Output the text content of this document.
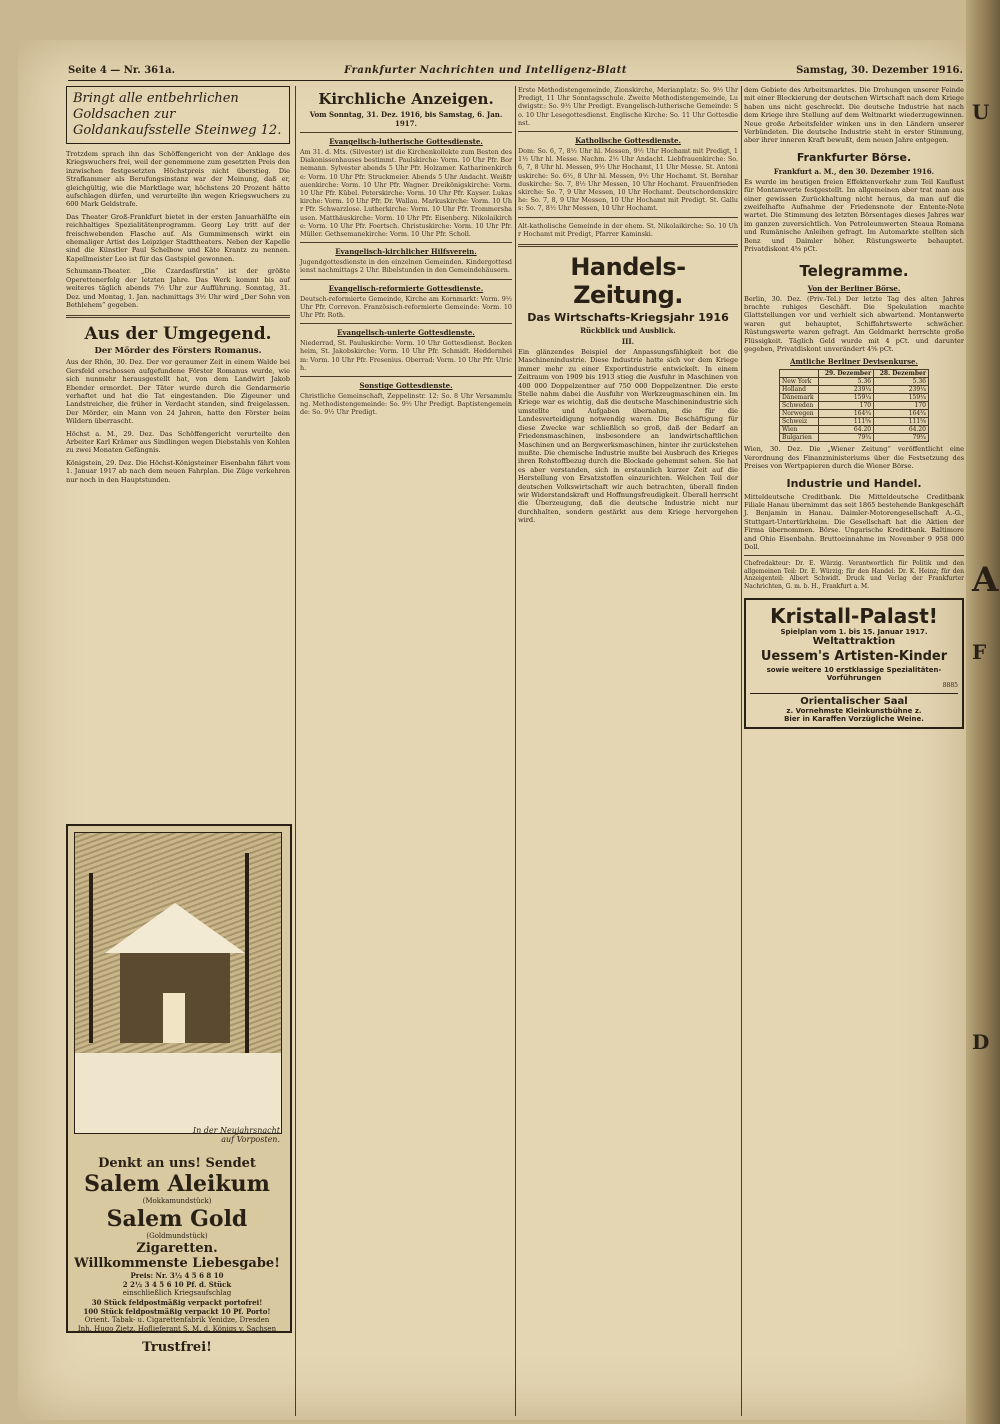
Seite 4 — Nr. 361a.	Frankfurter Nachrichten und Intelligenz-Blatt	Samstag, 30. Dezember 1916.
Bringt alle entbehrlichen Goldsachen zur Goldankaufsstelle Steinweg 12.

Trotzdem sprach ihn das Schöffengericht von der Anklage des Kriegswuchers frei, weil der genommene zum gesetzten Preis den inzwischen festgesetzten Höchstpreis nicht überstieg. Die Strafkammer als Berufungsinstanz war der Meinung, daß er, gleichgültig, wie die Marktlage war, höchstens 20 Prozent hätte aufschlagen dürfen, und verurteilte ihn wegen Kriegswuchers zu 600 Mark Geldstrafe.

Das Theater Groß-Frankfurt bietet in der ersten Januarhälfte ein reichhaltiges Spezialitätenprogramm. Georg Ley tritt auf der freischwebenden Flasche auf. Als Gummimensch wirkt ein ehemaliger Artist des Leipziger Stadttheaters. Neben der Kapelle sind die Künstler Paul Schelbow und Käte Krantz zu nennen. Kapellmeister Leo ist für das Gastspiel gewonnen.

Schumann-Theater. „Die Czardasfürstin“ ist der größte Operettenerfolg der letzten Jahre. Das Werk kommt bis auf weiteres täglich abends 7½ Uhr zur Aufführung. Sonntag, 31. Dez. und Montag, 1. Jan. nachmittags 3½ Uhr wird „Der Sohn von Bethlehem“ gegeben.

Aus der Umgegend.
Der Mörder des Försters Romanus.

Aus der Rhön, 30. Dez. Der vor geraumer Zeit in einem Walde bei Gersfeld erschossen aufgefundene Förster Romanus wurde, wie sich nunmehr herausgestellt hat, von dem Landwirt Jakob Ebender ermordet. Der Täter wurde durch die Gendarmerie verhaftet und hat die Tat eingestanden. Die Zigeuner und Landstreicher, die früher in Verdacht standen, sind freigelassen. Der Mörder, ein Mann von 24 Jahren, hatte den Förster beim Wildern überrascht.

Höchst a. M., 29. Dez. Das Schöffengericht verurteilte den Arbeiter Karl Krämer aus Sindlingen wegen Diebstahls von Kohlen zu zwei Monaten Gefängnis.

Königstein, 29. Dez. Die Höchst-Königsteiner Eisenbahn fährt vom 1. Januar 1917 ab nach dem neuen Fahrplan. Die Züge verkehren nur noch in den Hauptstunden.

In der Neujahrsnacht auf Vorposten.
Denkt an uns! Sendet
Salem Aleikum
(Mokkamundstück)
Salem Gold
(Goldmundstück)
Zigaretten.
Willkommenste Liebesgabe!
Preis: Nr. 3½ 4 5 6 8 10
2 2½ 3 4 5 6 10 Pf. d. Stück
einschließlich Kriegsaufschlag
30 Stück feldpostmäßig verpackt portofrei!
100 Stück feldpostmäßig verpackt 10 Pf. Porto!
Orient. Tabak- u. Cigarettenfabrik Yenidze, Dresden
Inh. Hugo Zietz, Hoflieferant S. M. d. Königs v. Sachsen
Trustfrei!
Kirchliche Anzeigen.
Vom Sonntag, 31. Dez. 1916, bis Samstag, 6. Jan. 1917.
Evangelisch-lutherische Gottesdienste.
Am 31. d. Mts. (Silvester) ist die Kirchenkollekte zum Besten des Diakonissenhauses bestimmt. Paulskirche: Vorm. 10 Uhr Pfr. Bornemann. Sylvester abends 5 Uhr Pfr. Holzamer. Katharinenkirche: Vorm. 10 Uhr Pfr. Struckmeier. Abends 5 Uhr Andacht. Weißfrauenkirche: Vorm. 10 Uhr Pfr. Wagner. Dreikönigskirche: Vorm. 10 Uhr Pfr. Kübel. Peterskirche: Vorm. 10 Uhr Pfr. Kayser. Lukaskirche: Vorm. 10 Uhr Pfr. Dr. Wallau. Markuskirche: Vorm. 10 Uhr Pfr. Schwarzlose. Lutherkirche: Vorm. 10 Uhr Pfr. Trommershausen. Matthäuskirche: Vorm. 10 Uhr Pfr. Eisenberg. Nikolaikirche: Vorm. 10 Uhr Pfr. Foertsch. Christuskirche: Vorm. 10 Uhr Pfr. Müller. Gethsemanekirche: Vorm. 10 Uhr Pfr. Scholl.
Evangelisch-kirchlicher Hilfsverein.
Jugendgottesdienste in den einzelnen Gemeinden. Kindergottesdienst nachmittags 2 Uhr. Bibelstunden in den Gemeindehäusern.
Evangelisch-reformierte Gottesdienste.
Deutsch-reformierte Gemeinde, Kirche am Kornmarkt: Vorm. 9½ Uhr Pfr. Correvon. Französisch-reformierte Gemeinde: Vorm. 10 Uhr Pfr. Roth.
Evangelisch-unierte Gottesdienste.
Niederrad, St. Pauluskirche: Vorm. 10 Uhr Gottesdienst. Bockenheim, St. Jakobskirche: Vorm. 10 Uhr Pfr. Schmidt. Heddernheim: Vorm. 10 Uhr Pfr. Fresenius. Oberrad: Vorm. 10 Uhr Pfr. Ulrich.
Sonstige Gottesdienste.
Christliche Gemeinschaft, Zeppelinstr. 12: So. 8 Uhr Versammlung. Methodistengemeinde: So. 9½ Uhr Predigt. Baptistengemeinde: So. 9½ Uhr Predigt.
Erste Methodistengemeinde, Zionskirche, Merianplatz: So. 9½ Uhr Predigt, 11 Uhr Sonntagsschule. Zweite Methodistengemeinde, Ludwigstr.: So. 9½ Uhr Predigt. Evangelisch-lutherische Gemeinde: So. 10 Uhr Lesegottesdienst. Englische Kirche: So. 11 Uhr Gottesdienst.
Katholische Gottesdienste.
Dom: So. 6, 7, 8½ Uhr hl. Messen, 9½ Uhr Hochamt mit Predigt, 11½ Uhr hl. Messe. Nachm. 2½ Uhr Andacht. Liebfrauenkirche: So. 6, 7, 8 Uhr hl. Messen, 9½ Uhr Hochamt, 11 Uhr Messe. St. Antoniuskirche: So. 6½, 8 Uhr hl. Messen, 9½ Uhr Hochamt. St. Bernharduskirche: So. 7, 8½ Uhr Messen, 10 Uhr Hochamt. Frauenfriedenskirche: So. 7, 9 Uhr Messen, 10 Uhr Hochamt. Deutschordenskirche: So. 7, 8, 9 Uhr Messen, 10 Uhr Hochamt mit Predigt. St. Gallus: So. 7, 8½ Uhr Messen, 10 Uhr Hochamt.
Alt-katholische Gemeinde in der ehem. St. Nikolaikirche: So. 10 Uhr Hochamt mit Predigt, Pfarrer Kaminski.
Handels-Zeitung.
Das Wirtschafts-Kriegsjahr 1916
Rückblick und Ausblick.
III.

Ein glänzendes Beispiel der Anpassungsfähigkeit bot die Maschinenindustrie. Diese Industrie hatte sich vor dem Kriege immer mehr zu einer Exportindustrie entwickelt. In einem Zeitraum von 1909 bis 1913 stieg die Ausfuhr in Maschinen von 400 000 Doppelzentner auf 750 000 Doppelzentner. Die erste Stelle nahm dabei die Ausfuhr von Werkzeugmaschinen ein. Im Kriege war es wichtig, daß die deutsche Maschinenindustrie sich umstellte und Aufgaben übernahm, die für die Landesverteidigung notwendig waren. Die Beschäftigung für diese Zwecke war schließlich so groß, daß der Bedarf an Friedensmaschinen, insbesondere an landwirtschaftlichen Maschinen und an Bergwerksmaschinen, hinter ihr zurückstehen mußte. Die chemische Industrie mußte bei Ausbruch des Krieges ihren Rohstoffbezug durch die Blockade gehemmt sehen. Sie hat es aber verstanden, sich in erstaunlich kurzer Zeit auf die Herstellung von Ersatzstoffen einzurichten. Welchen Teil der deutschen Volkswirtschaft wir auch betrachten, überall finden wir Widerstandskraft und Hoffnungsfreudigkeit. Überall herrscht die Überzeugung, daß die deutsche Industrie nicht nur durchhalten, sondern gestärkt aus dem Kriege hervorgehen wird.

dem Gebiete des Arbeitsmarktes. Die Drohungen unserer Feinde mit einer Blockierung der deutschen Wirtschaft nach dem Kriege haben uns nicht geschreckt. Die deutsche Industrie hat nach dem Kriege ihre Stellung auf dem Weltmarkt wiederzugewinnen. Neue große Arbeitsfelder winken uns in den Ländern unserer Verbündeten. Die deutsche Industrie steht in erster Stimmung, aber ihrer inneren Kraft bewußt, dem neuen Jahre entgegen.

Frankfurter Börse.
Frankfurt a. M., den 30. Dezember 1916.

Es wurde im heutigen freien Effektenverkehr zum Teil Kauflust für Montanwerte festgestellt. Im allgemeinen aber trat man aus einer gewissen Zurückhaltung nicht heraus, da man auf die zweifelhafte Aufnahme der Friedensnote der Entente-Note wartet. Die Stimmung des letzten Börsentages dieses Jahres war im ganzen zuversichtlich. Von Petroleumwerten Steaua Romana und Rumänische Anleihen gefragt. Im Automarkte stellten sich Benz und Daimler höher. Rüstungswerte behauptet. Privatdiskont 4⅝ pCt.

Telegramme.
Von der Berliner Börse.

Berlin, 30. Dez. (Priv.-Tel.) Der letzte Tag des alten Jahres brachte ruhiges Geschäft. Die Spekulation machte Glattstellungen vor und verhielt sich abwartend. Montanwerte waren gut behauptet, Schiffahrtswerte schwächer. Rüstungswerte waren gefragt. Am Geldmarkt herrschte große Flüssigkeit. Täglich Geld wurde mit 4 pCt. und darunter gegeben, Privatdiskont unverändert 4⅝ pCt.

Amtliche Berliner Devisenkurse.
	29. Dezember	28. Dezember
New York	5.36	5.36
Holland	239¼	239¼
Dänemark	159¼	159¼
Schweden	170	170
Norwegen	164¾	164¾
Schweiz	111⅝	111⅝
Wien	64.20	64.20
Bulgarien	79¾	79¾

Wien, 30. Dez. Die „Wiener Zeitung“ veröffentlicht eine Verordnung des Finanzministeriums über die Festsetzung des Preises von Wertpapieren durch die Wiener Börse.

Industrie und Handel.

Mitteldeutsche Creditbank. Die Mitteldeutsche Creditbank Filiale Hanau übernimmt das seit 1865 bestehende Bankgeschäft J. Benjamin in Hanau. Daimler-Motorengesellschaft A.-G., Stuttgart-Untertürkheim. Die Gesellschaft hat die Aktien der Firma übernommen. Börse. Ungarische Kreditbank. Baltimore and Ohio Eisenbahn. Bruttoeinnahme im November 9 958 000 Doll.

Chefredakteur: Dr. E. Würzig. Verantwortlich für Politik und den allgemeinen Teil: Dr. E. Würzig; für den Handel: Dr. K. Heinz; für den Anzeigenteil: Albert Schwidt. Druck und Verlag der Frankfurter Nachrichten, G. m. b. H., Frankfurt a. M.

Kristall-Palast!
Spielplan vom 1. bis 15. Januar 1917.
Weltattraktion
Uessem's Artisten-Kinder
sowie weitere 10 erstklassige Spezialitäten-Vorführungen
8885
Orientalischer Saal
z. Vornehmste Kleinkunstbühne z.
Bier in Karaffen Vorzügliche Weine.
U
A
F
D
